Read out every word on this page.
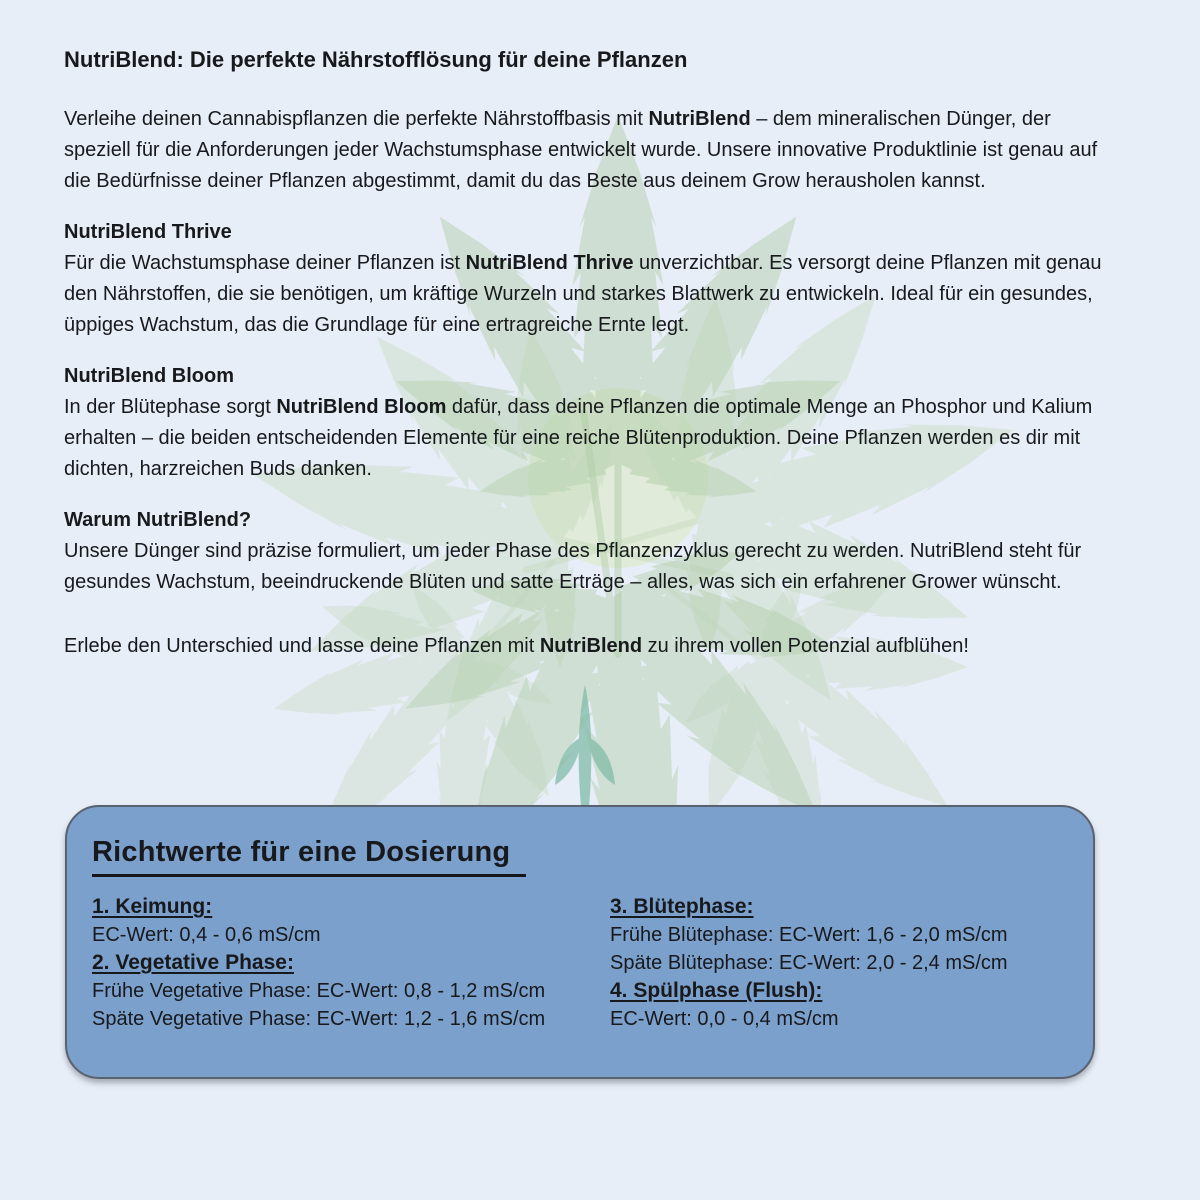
NutriBlend: Die perfekte Nährstofflösung für deine Pflanzen

Verleihe deinen Cannabispflanzen die perfekte Nährstoffbasis mit NutriBlend – dem mineralischen Dünger, der speziell für die Anforderungen jeder Wachstumsphase entwickelt wurde. Unsere innovative Produktlinie ist genau auf die Bedürfnisse deiner Pflanzen abgestimmt, damit du das Beste aus deinem Grow herausholen kannst.

NutriBlend Thrive

Für die Wachstumsphase deiner Pflanzen ist NutriBlend Thrive unverzichtbar. Es versorgt deine Pflanzen mit genau den Nährstoffen, die sie benötigen, um kräftige Wurzeln und starkes Blattwerk zu entwickeln. Ideal für ein gesundes, üppiges Wachstum, das die Grundlage für eine ertragreiche Ernte legt.

NutriBlend Bloom

In der Blütephase sorgt NutriBlend Bloom dafür, dass deine Pflanzen die optimale Menge an Phosphor und Kalium erhalten – die beiden entscheidenden Elemente für eine reiche Blütenproduktion. Deine Pflanzen werden es dir mit dichten, harzreichen Buds danken.

Warum NutriBlend?

Unsere Dünger sind präzise formuliert, um jeder Phase des Pflanzenzyklus gerecht zu werden. NutriBlend steht für gesundes Wachstum, beeindruckende Blüten und satte Erträge – alles, was sich ein erfahrener Grower wünscht.

Erlebe den Unterschied und lasse deine Pflanzen mit NutriBlend zu ihrem vollen Potenzial aufblühen!

Richtwerte für eine Dosierung
1. Keimung:
EC-Wert: 0,4 - 0,6 mS/cm
2. Vegetative Phase:
Frühe Vegetative Phase: EC-Wert: 0,8 - 1,2 mS/cm
Späte Vegetative Phase: EC-Wert: 1,2 - 1,6 mS/cm
3. Blütephase:
Frühe Blütephase: EC-Wert: 1,6 - 2,0 mS/cm
Späte Blütephase: EC-Wert: 2,0 - 2,4 mS/cm
4. Spülphase (Flush):
EC-Wert: 0,0 - 0,4 mS/cm
